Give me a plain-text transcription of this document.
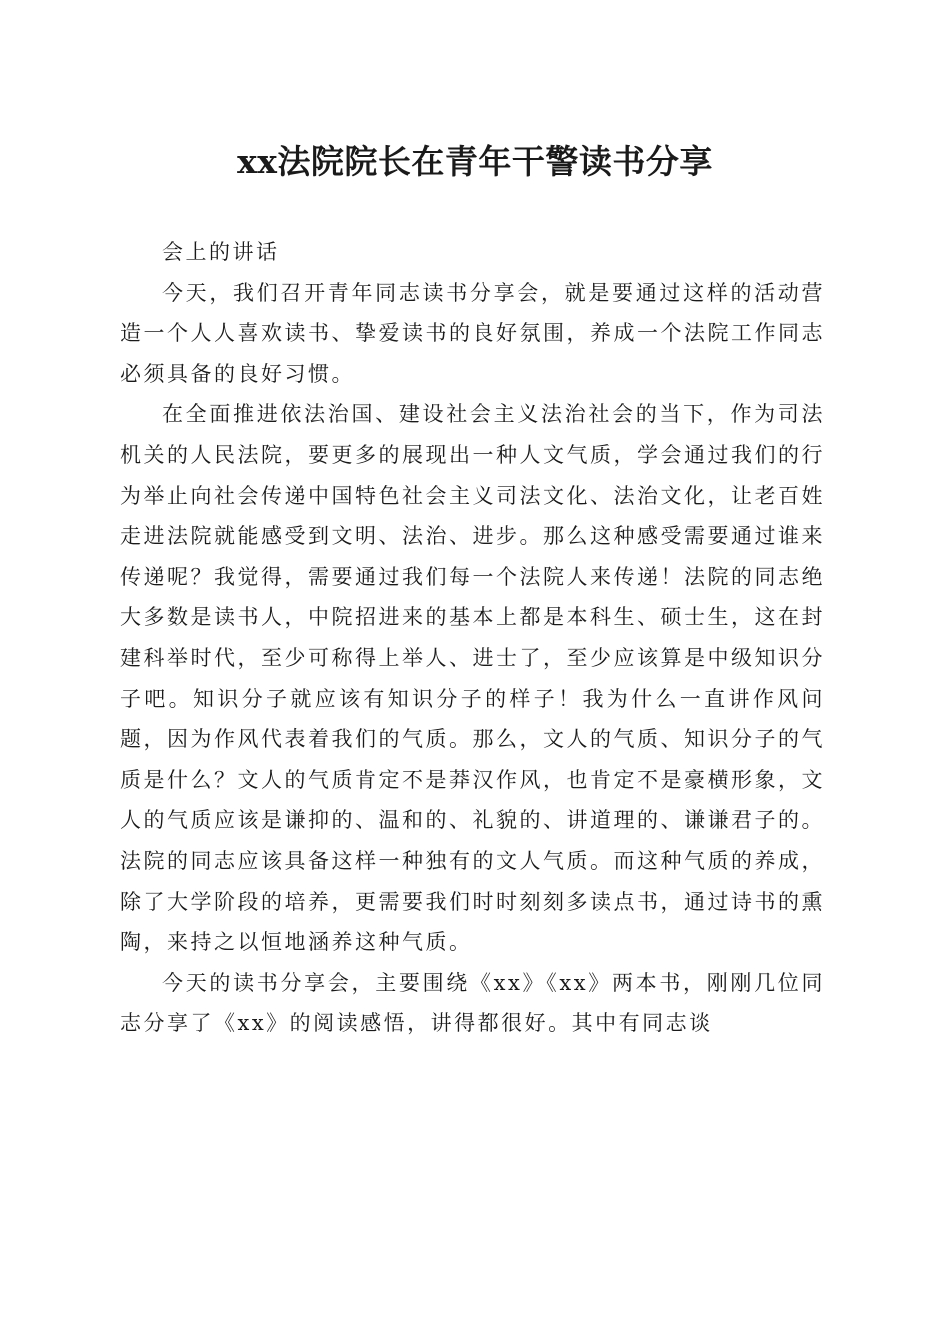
xx法院院长在青年干警读书分享

会上的讲话

今天，我们召开青年同志读书分享会，就是要通过这样的活动营造一个人人喜欢读书、挚爱读书的良好氛围，养成一个法院工作同志必须具备的良好习惯。

在全面推进依法治国、建设社会主义法治社会的当下，作为司法机关的人民法院，要更多的展现出一种人文气质，学会通过我们的行为举止向社会传递中国特色社会主义司法文化、法治文化，让老百姓走进法院就能感受到文明、法治、进步。那么这种感受需要通过谁来传递呢？我觉得，需要通过我们每一个法院人来传递！法院的同志绝大多数是读书人，中院招进来的基本上都是本科生、硕士生，这在封建科举时代，至少可称得上举人、进士了，至少应该算是中级知识分子吧。知识分子就应该有知识分子的样子！我为什么一直讲作风问题，因为作风代表着我们的气质。那么，文人的气质、知识分子的气质是什么？文人的气质肯定不是莽汉作风，也肯定不是豪横形象，文人的气质应该是谦抑的、温和的、礼貌的、讲道理的、谦谦君子的。法院的同志应该具备这样一种独有的文人气质。而这种气质的养成，除了大学阶段的培养，更需要我们时时刻刻多读点书，通过诗书的熏陶，来持之以恒地涵养这种气质。

今天的读书分享会，主要围绕《xx》《xx》两本书，刚刚几位同志分享了《xx》的阅读感悟，讲得都很好。其中有同志谈
